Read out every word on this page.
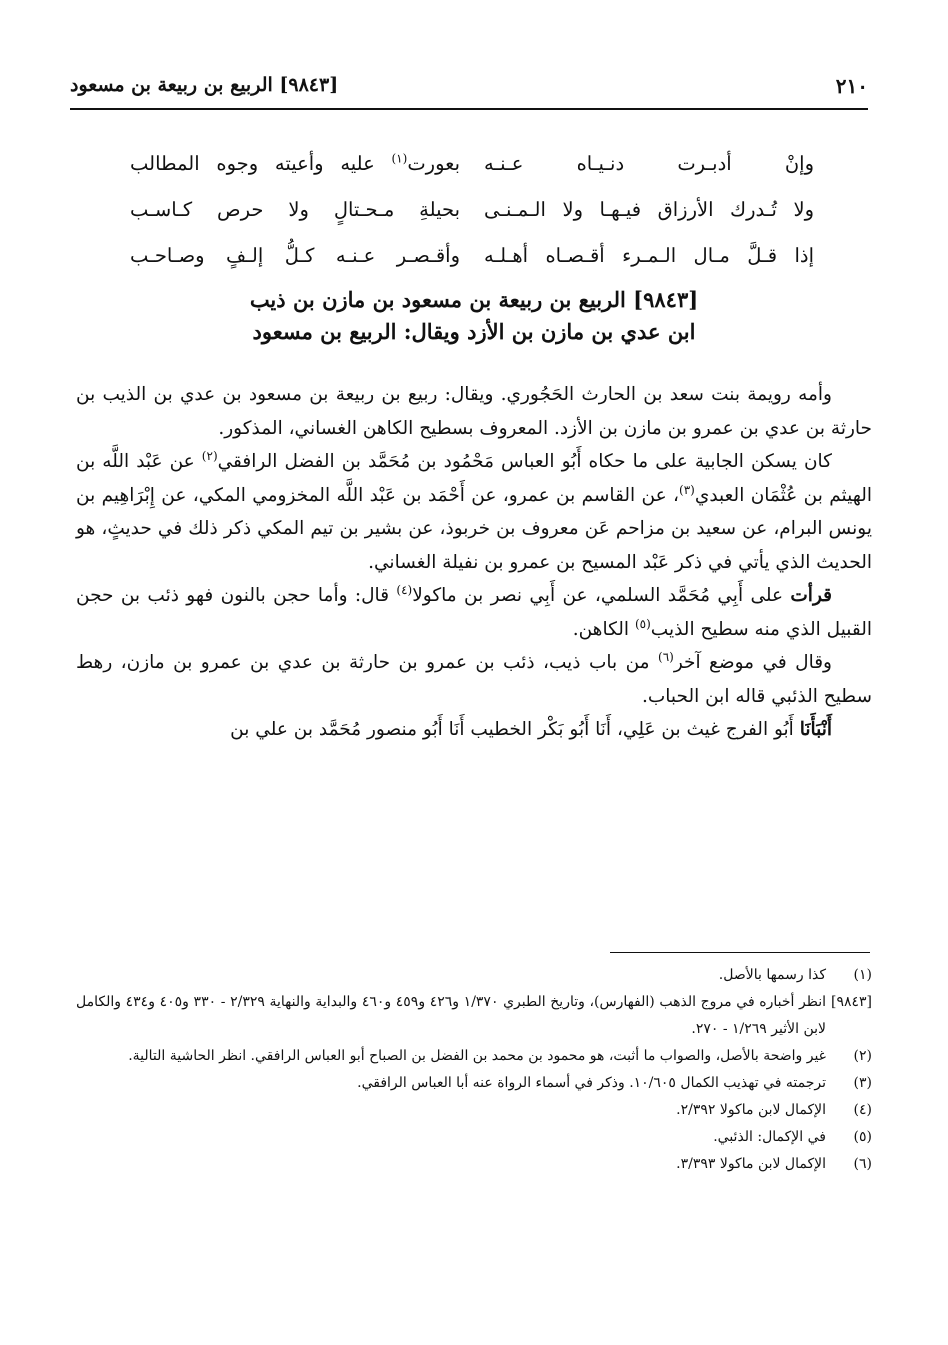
[٩٨٤٣] الربيع بن ربيعة بن مسعود	٢١٠
وإنْ أدبـرت دنـيـاه عـنـه
بعورت$^{(١)}$ عليه وأعيته وجوه المطالب
ولا تُـدرك الأرزاق فيـهـا ولا الـمـنـى
بحيلةِ مـحـتالٍ ولا حرص كـاسـب
إذا قـلَّ مـال الـمـرء أقـصـاه أهـلـه
وأقـصـر عـنـه كـلُّ إلـفٍ وصـاحـب
[٩٨٤٣] الربيع بن ربيعة بن مسعود بن مازن بن ذيب
ابن عدي بن مازن بن الأزد ويقال: الربيع بن مسعود

وأمه رويمة بنت سعد بن الحارث الحَجُوري. ويقال: ربيع بن ربيعة بن مسعود بن عدي بن الذيب بن حارثة بن عدي بن عمرو بن مازن بن الأزد. المعروف بسطيح الكاهن الغساني، المذكور.

كان يسكن الجابية على ما حكاه أَبُو العباس مَحْمُود بن مُحَمَّد بن الفضل الرافقي$^{(٢)}$ عن عَبْد اللَّه بن الهيثم بن عُثْمَان العبدي$^{(٣)}$، عن القاسم بن عمرو، عن أَحْمَد بن عَبْد اللَّه المخزومي المكي، عن إِبْرَاهِيم بن يونس البرام، عن سعيد بن مزاحم عَن معروف بن خربوذ، عن بشير بن تيم المكي ذكر ذلك في حديثٍ، هو الحديث الذي يأتي في ذكر عَبْد المسيح بن عمرو بن نفيلة الغساني.

قرأت على أَبِي مُحَمَّد السلمي، عن أَبِي نصر بن ماكولا$^{(٤)}$ قال: وأما حجن بالنون فهو ذئب بن حجن القبيل الذي منه سطيح الذيب$^{(٥)}$ الكاهن.

وقال في موضع آخر$^{(٦)}$ من باب ذيب، ذئب بن عمرو بن حارثة بن عدي بن عمرو بن مازن، رهط سطيح الذئبي قاله ابن الحباب.

أَنْبَأَنَا أَبُو الفرج غيث بن عَلِي، أَنَا أَبُو بَكْر الخطيب أَنَا أَبُو منصور مُحَمَّد بن علي بن

(١)
كذا رسمها بالأصل.
[٩٨٤٣]
انظر أخباره في مروج الذهب (الفهارس)، وتاريخ الطبري ١/٣٧٠ و٤٢٦ و٤٥٩ و٤٦٠ والبداية والنهاية ٢/٣٢٩ - ٣٣٠ و٤٠٥ و٤٣٤ والكامل لابن الأثير ١/٢٦٩ - ٢٧٠.
(٢)
غير واضحة بالأصل، والصواب ما أثبت، هو محمود بن محمد بن الفضل بن الصباح أبو العباس الرافقي. انظر الحاشية التالية.
(٣)
ترجمته في تهذيب الكمال ١٠/٦٠٥. وذكر في أسماء الرواة عنه أبا العباس الرافقي.
(٤)
الإكمال لابن ماكولا ٢/٣٩٢.
(٥)
في الإكمال: الذئبي.
(٦)
الإكمال لابن ماكولا ٣/٣٩٣.
